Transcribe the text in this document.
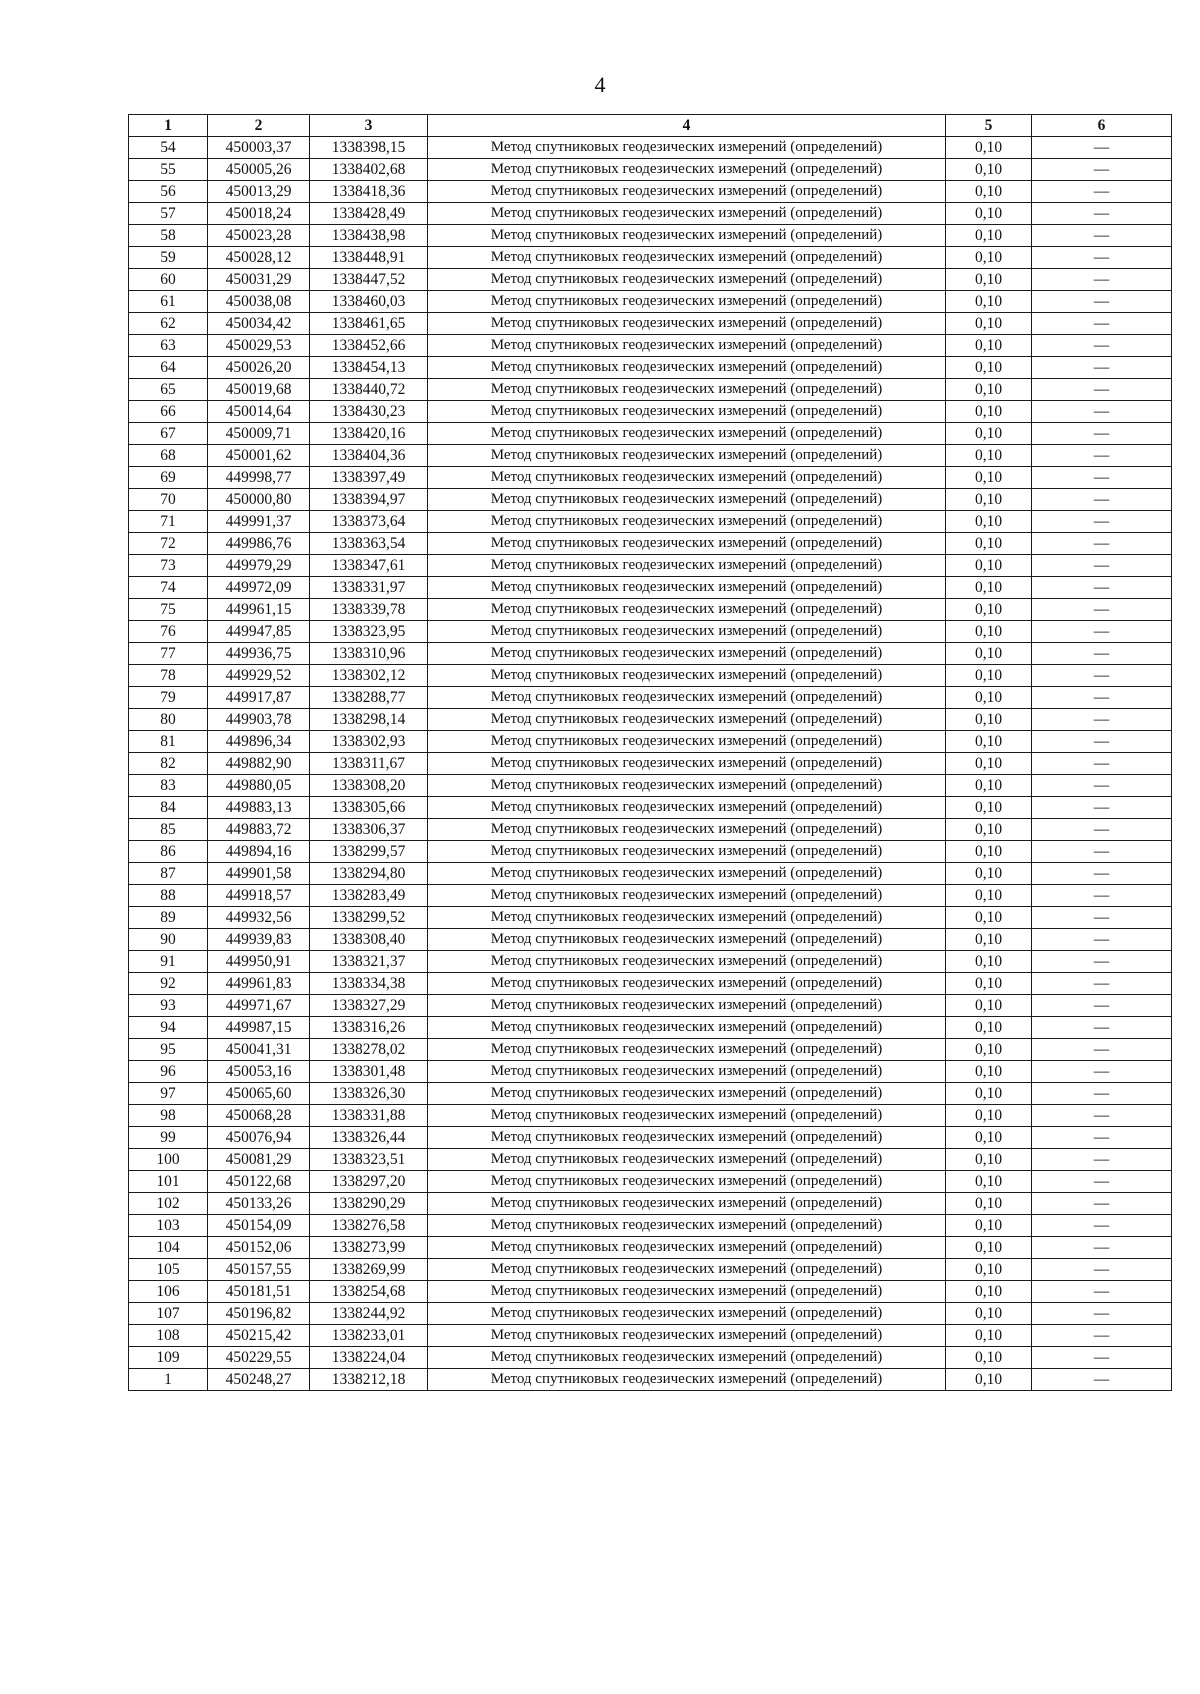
4
1	2	3	4	5	6
54	450003,37	1338398,15	Метод спутниковых геодезических измерений (определений)	0,10	—
55	450005,26	1338402,68	Метод спутниковых геодезических измерений (определений)	0,10	—
56	450013,29	1338418,36	Метод спутниковых геодезических измерений (определений)	0,10	—
57	450018,24	1338428,49	Метод спутниковых геодезических измерений (определений)	0,10	—
58	450023,28	1338438,98	Метод спутниковых геодезических измерений (определений)	0,10	—
59	450028,12	1338448,91	Метод спутниковых геодезических измерений (определений)	0,10	—
60	450031,29	1338447,52	Метод спутниковых геодезических измерений (определений)	0,10	—
61	450038,08	1338460,03	Метод спутниковых геодезических измерений (определений)	0,10	—
62	450034,42	1338461,65	Метод спутниковых геодезических измерений (определений)	0,10	—
63	450029,53	1338452,66	Метод спутниковых геодезических измерений (определений)	0,10	—
64	450026,20	1338454,13	Метод спутниковых геодезических измерений (определений)	0,10	—
65	450019,68	1338440,72	Метод спутниковых геодезических измерений (определений)	0,10	—
66	450014,64	1338430,23	Метод спутниковых геодезических измерений (определений)	0,10	—
67	450009,71	1338420,16	Метод спутниковых геодезических измерений (определений)	0,10	—
68	450001,62	1338404,36	Метод спутниковых геодезических измерений (определений)	0,10	—
69	449998,77	1338397,49	Метод спутниковых геодезических измерений (определений)	0,10	—
70	450000,80	1338394,97	Метод спутниковых геодезических измерений (определений)	0,10	—
71	449991,37	1338373,64	Метод спутниковых геодезических измерений (определений)	0,10	—
72	449986,76	1338363,54	Метод спутниковых геодезических измерений (определений)	0,10	—
73	449979,29	1338347,61	Метод спутниковых геодезических измерений (определений)	0,10	—
74	449972,09	1338331,97	Метод спутниковых геодезических измерений (определений)	0,10	—
75	449961,15	1338339,78	Метод спутниковых геодезических измерений (определений)	0,10	—
76	449947,85	1338323,95	Метод спутниковых геодезических измерений (определений)	0,10	—
77	449936,75	1338310,96	Метод спутниковых геодезических измерений (определений)	0,10	—
78	449929,52	1338302,12	Метод спутниковых геодезических измерений (определений)	0,10	—
79	449917,87	1338288,77	Метод спутниковых геодезических измерений (определений)	0,10	—
80	449903,78	1338298,14	Метод спутниковых геодезических измерений (определений)	0,10	—
81	449896,34	1338302,93	Метод спутниковых геодезических измерений (определений)	0,10	—
82	449882,90	1338311,67	Метод спутниковых геодезических измерений (определений)	0,10	—
83	449880,05	1338308,20	Метод спутниковых геодезических измерений (определений)	0,10	—
84	449883,13	1338305,66	Метод спутниковых геодезических измерений (определений)	0,10	—
85	449883,72	1338306,37	Метод спутниковых геодезических измерений (определений)	0,10	—
86	449894,16	1338299,57	Метод спутниковых геодезических измерений (определений)	0,10	—
87	449901,58	1338294,80	Метод спутниковых геодезических измерений (определений)	0,10	—
88	449918,57	1338283,49	Метод спутниковых геодезических измерений (определений)	0,10	—
89	449932,56	1338299,52	Метод спутниковых геодезических измерений (определений)	0,10	—
90	449939,83	1338308,40	Метод спутниковых геодезических измерений (определений)	0,10	—
91	449950,91	1338321,37	Метод спутниковых геодезических измерений (определений)	0,10	—
92	449961,83	1338334,38	Метод спутниковых геодезических измерений (определений)	0,10	—
93	449971,67	1338327,29	Метод спутниковых геодезических измерений (определений)	0,10	—
94	449987,15	1338316,26	Метод спутниковых геодезических измерений (определений)	0,10	—
95	450041,31	1338278,02	Метод спутниковых геодезических измерений (определений)	0,10	—
96	450053,16	1338301,48	Метод спутниковых геодезических измерений (определений)	0,10	—
97	450065,60	1338326,30	Метод спутниковых геодезических измерений (определений)	0,10	—
98	450068,28	1338331,88	Метод спутниковых геодезических измерений (определений)	0,10	—
99	450076,94	1338326,44	Метод спутниковых геодезических измерений (определений)	0,10	—
100	450081,29	1338323,51	Метод спутниковых геодезических измерений (определений)	0,10	—
101	450122,68	1338297,20	Метод спутниковых геодезических измерений (определений)	0,10	—
102	450133,26	1338290,29	Метод спутниковых геодезических измерений (определений)	0,10	—
103	450154,09	1338276,58	Метод спутниковых геодезических измерений (определений)	0,10	—
104	450152,06	1338273,99	Метод спутниковых геодезических измерений (определений)	0,10	—
105	450157,55	1338269,99	Метод спутниковых геодезических измерений (определений)	0,10	—
106	450181,51	1338254,68	Метод спутниковых геодезических измерений (определений)	0,10	—
107	450196,82	1338244,92	Метод спутниковых геодезических измерений (определений)	0,10	—
108	450215,42	1338233,01	Метод спутниковых геодезических измерений (определений)	0,10	—
109	450229,55	1338224,04	Метод спутниковых геодезических измерений (определений)	0,10	—
1	450248,27	1338212,18	Метод спутниковых геодезических измерений (определений)	0,10	—
